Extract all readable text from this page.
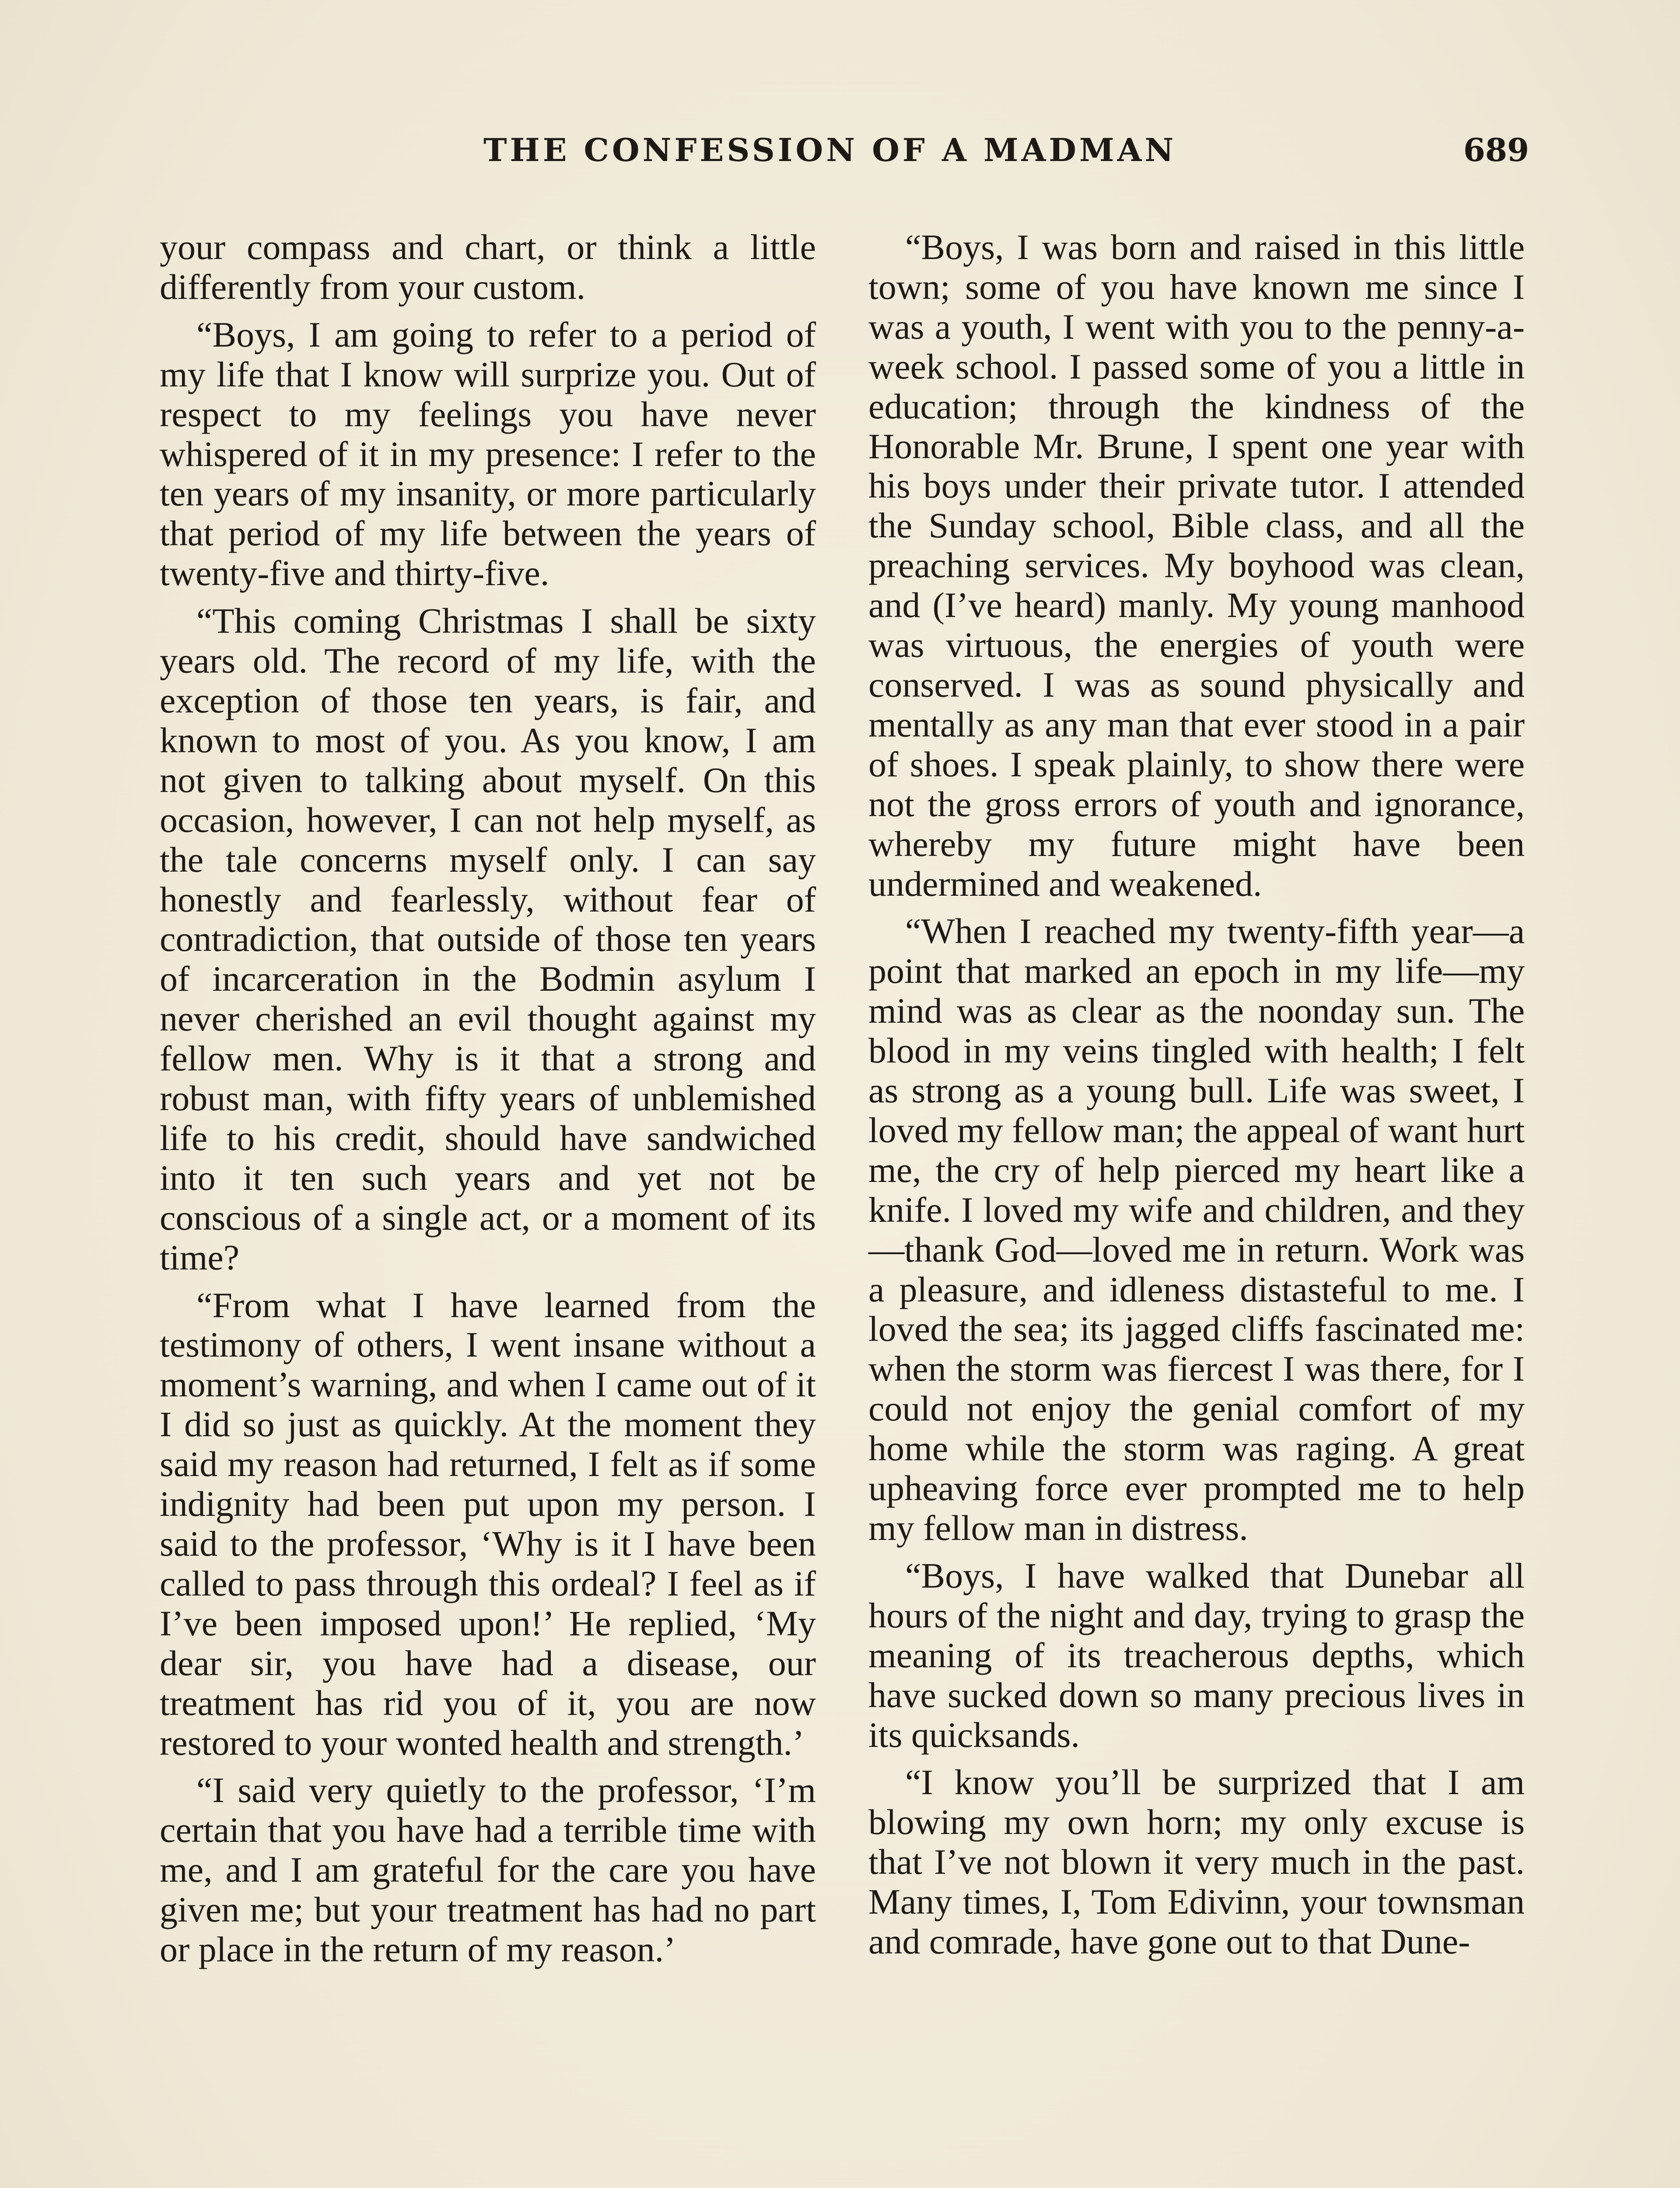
THE CONFESSION OF A MADMAN	689

your compass and chart, or think a little differently from your custom.

“Boys, I am going to refer to a period of my life that I know will surprize you. Out of respect to my feelings you have never whispered of it in my presence: I refer to the ten years of my insanity, or more particularly that period of my life between the years of twenty-five and thirty-five.

“This coming Christmas I shall be sixty years old. The record of my life, with the exception of those ten years, is fair, and known to most of you. As you know, I am not given to talking about myself. On this occasion, however, I can not help myself, as the tale concerns myself only. I can say honestly and fearlessly, without fear of contradiction, that outside of those ten years of incarceration in the Bodmin asylum I never cherished an evil thought against my fellow men. Why is it that a strong and robust man, with fifty years of unblemished life to his credit, should have sandwiched into it ten such years and yet not be conscious of a single act, or a moment of its time?

“From what I have learned from the testimony of others, I went insane without a moment’s warning, and when I came out of it I did so just as quickly. At the moment they said my reason had returned, I felt as if some indignity had been put upon my person. I said to the professor, ‘Why is it I have been called to pass through this ordeal? I feel as if I’ve been imposed upon!’ He replied, ‘My dear sir, you have had a disease, our treatment has rid you of it, you are now restored to your wonted health and strength.’

“I said very quietly to the professor, ‘I’m certain that you have had a terrible time with me, and I am grateful for the care you have given me; but your treatment has had no part or place in the return of my reason.’

“Boys, I was born and raised in this little town; some of you have known me since I was a youth, I went with you to the penny-a-week school. I passed some of you a little in education; through the kindness of the Honorable Mr. Brune, I spent one year with his boys under their private tutor. I attended the Sunday school, Bible class, and all the preaching services. My boyhood was clean, and (I’ve heard) manly. My young manhood was virtuous, the energies of youth were conserved. I was as sound physically and mentally as any man that ever stood in a pair of shoes. I speak plainly, to show there were not the gross errors of youth and ignorance, whereby my future might have been undermined and weakened.

“When I reached my twenty-fifth year—a point that marked an epoch in my life—my mind was as clear as the noonday sun. The blood in my veins tingled with health; I felt as strong as a young bull. Life was sweet, I loved my fellow man; the appeal of want hurt me, the cry of help pierced my heart like a knife. I loved my wife and children, and they—thank God—loved me in return. Work was a pleasure, and idleness distasteful to me. I loved the sea; its jagged cliffs fascinated me: when the storm was fiercest I was there, for I could not enjoy the genial comfort of my home while the storm was raging. A great upheaving force ever prompted me to help my fellow man in distress.

“Boys, I have walked that Dunebar all hours of the night and day, trying to grasp the meaning of its treacherous depths, which have sucked down so many precious lives in its quicksands.

“I know you’ll be surprized that I am blowing my own horn; my only excuse is that I’ve not blown it very much in the past. Many times, I, Tom Edivinn, your townsman and comrade, have gone out to that Dune-
